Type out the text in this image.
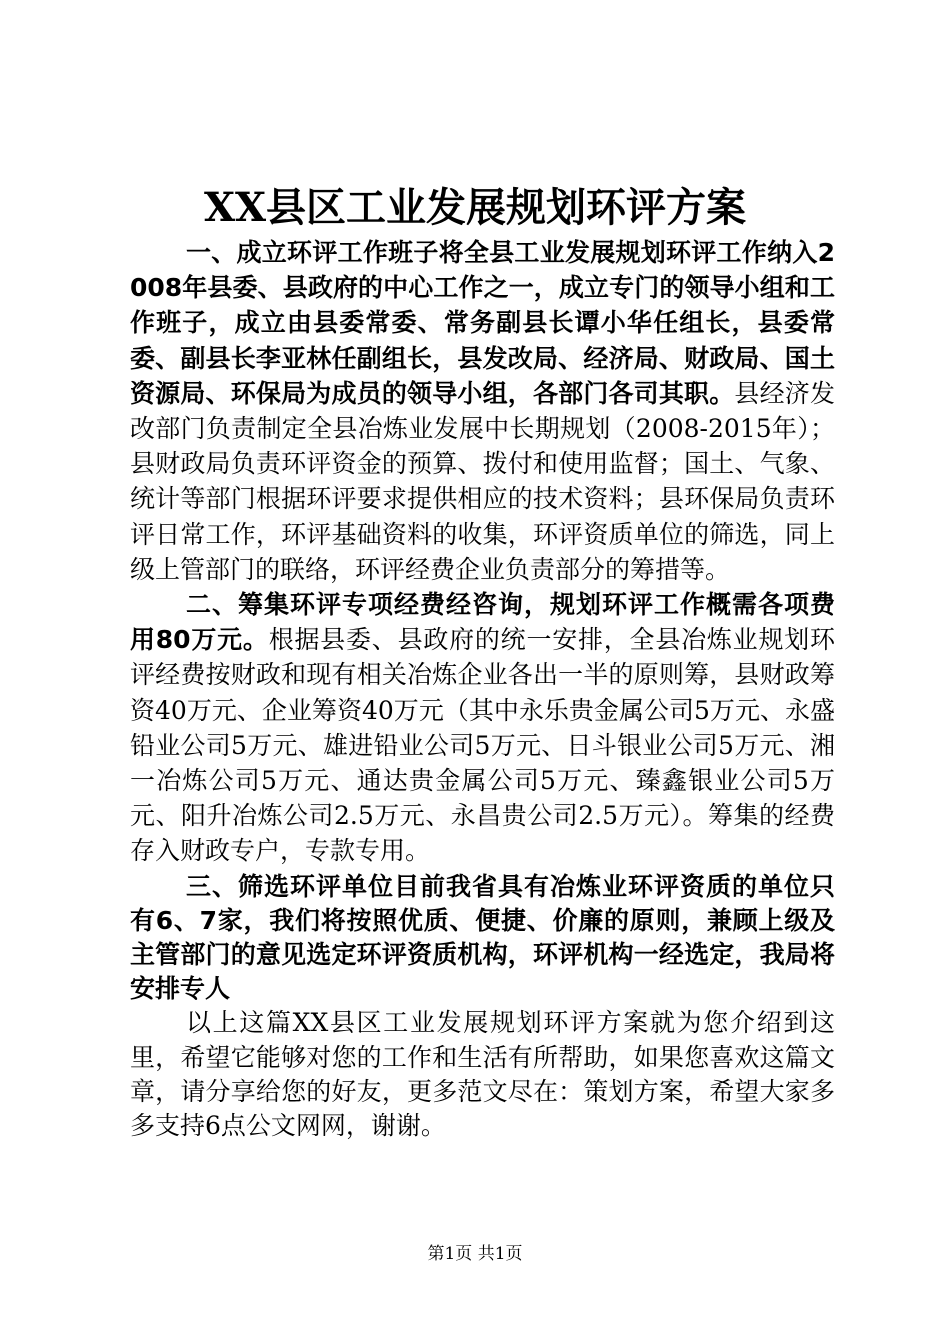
XX县区工业发展规划环评方案

一、成立环评工作班子将全县工业发展规划环评工作纳入2008年县委、县政府的中心工作之一，成立专门的领导小组和工作班子，成立由县委常委、常务副县长谭小华任组长，县委常委、副县长李亚林任副组长，县发改局、经济局、财政局、国土资源局、环保局为成员的领导小组，各部门各司其职。县经济发改部门负责制定全县冶炼业发展中长期规划（2008-2015年）；县财政局负责环评资金的预算、拨付和使用监督；国土、气象、统计等部门根据环评要求提供相应的技术资料；县环保局负责环评日常工作，环评基础资料的收集，环评资质单位的筛选，同上级上管部门的联络，环评经费企业负责部分的筹措等。

二、筹集环评专项经费经咨询，规划环评工作概需各项费用80万元。根据县委、县政府的统一安排，全县冶炼业规划环评经费按财政和现有相关冶炼企业各出一半的原则筹，县财政筹资40万元、企业筹资40万元（其中永乐贵金属公司5万元、永盛铅业公司5万元、雄进铅业公司5万元、日斗银业公司5万元、湘一冶炼公司5万元、通达贵金属公司5万元、臻鑫银业公司5万元、阳升冶炼公司2.5万元、永昌贵公司2.5万元）。筹集的经费存入财政专户，专款专用。

三、筛选环评单位目前我省具有冶炼业环评资质的单位只有6、7家，我们将按照优质、便捷、价廉的原则，兼顾上级及主管部门的意见选定环评资质机构，环评机构一经选定，我局将安排专人

以上这篇XX县区工业发展规划环评方案就为您介绍到这里，希望它能够对您的工作和生活有所帮助，如果您喜欢这篇文章，请分享给您的好友，更多范文尽在：策划方案，希望大家多多支持6点公文网网，谢谢。

第1页 共1页
